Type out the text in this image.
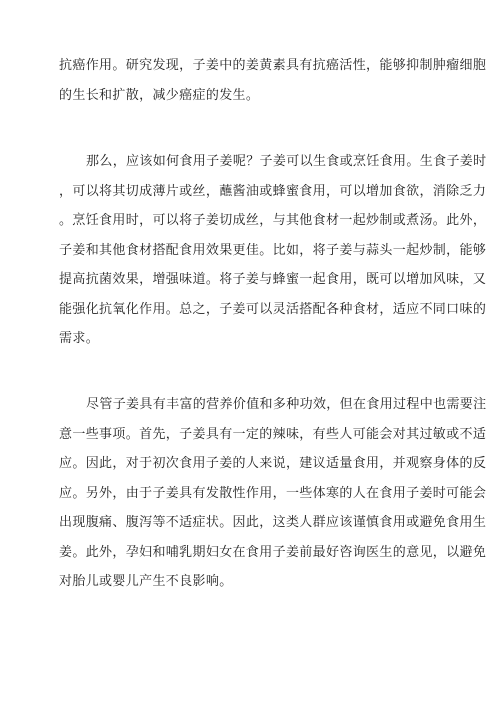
抗癌作用。研究发现，子姜中的姜黄素具有抗癌活性，能够抑制肿瘤细胞
的生长和扩散，减少癌症的发生。
那么，应该如何食用子姜呢？子姜可以生食或烹饪食用。生食子姜时
，可以将其切成薄片或丝，蘸酱油或蜂蜜食用，可以增加食欲，消除乏力
。烹饪食用时，可以将子姜切成丝，与其他食材一起炒制或煮汤。此外，
子姜和其他食材搭配食用效果更佳。比如，将子姜与蒜头一起炒制，能够
提高抗菌效果，增强味道。将子姜与蜂蜜一起食用，既可以增加风味，又
能强化抗氧化作用。总之，子姜可以灵活搭配各种食材，适应不同口味的
需求。
尽管子姜具有丰富的营养价值和多种功效，但在食用过程中也需要注
意一些事项。首先，子姜具有一定的辣味，有些人可能会对其过敏或不适
应。因此，对于初次食用子姜的人来说，建议适量食用，并观察身体的反
应。另外，由于子姜具有发散性作用，一些体寒的人在食用子姜时可能会
出现腹痛、腹泻等不适症状。因此，这类人群应该谨慎食用或避免食用生
姜。此外，孕妇和哺乳期妇女在食用子姜前最好咨询医生的意见，以避免
对胎儿或婴儿产生不良影响。
